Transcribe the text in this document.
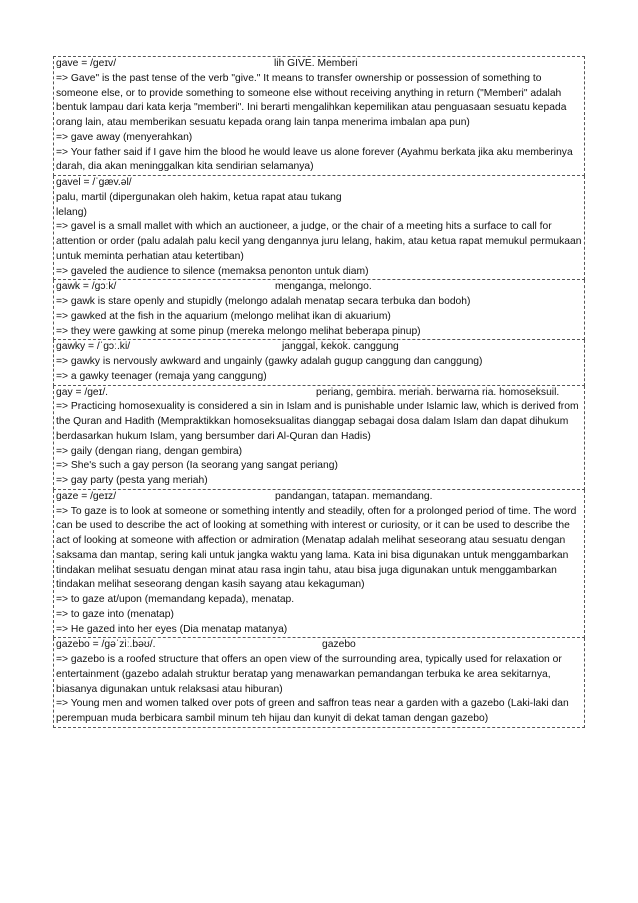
gave = /geɪv/	lih GIVE. Memberi
=> Gave" is the past tense of the verb "give." It means to transfer ownership or possession of something to someone else, or to provide something to someone else without receiving anything in return ("Memberi" adalah bentuk lampau dari kata kerja "memberi". Ini berarti mengalihkan kepemilikan atau penguasaan sesuatu kepada orang lain, atau memberikan sesuatu kepada orang lain tanpa menerima imbalan apa pun)
=> gave away (menyerahkan)
=> Your father said if I gave him the blood he would leave us alone forever (Ayahmu berkata jika aku memberinya darah, dia akan meninggalkan kita sendirian selamanya)
gavel = /ˈɡæv.əl/
palu, martil (dipergunakan oleh hakim, ketua rapat atau tukang lelang)
=> gavel is a small mallet with which an auctioneer, a judge, or the chair of a meeting hits a surface to call for attention or order (palu adalah palu kecil yang dengannya juru lelang, hakim, atau ketua rapat memukul permukaan untuk meminta perhatian atau ketertiban)
=> gaveled the audience to silence (memaksa penonton untuk diam)
gawk = /ɡɔːk/	menganga, melongo.
=> gawk is stare openly and stupidly (melongo adalah menatap secara terbuka dan bodoh)
=> gawked at the fish in the aquarium (melongo melihat ikan di akuarium)
=> they were gawking at some pinup (mereka melongo melihat beberapa pinup)
gawky = /ˈɡɔː.ki/	janggal, kekok. canggung
=> gawky is nervously awkward and ungainly (gawky adalah gugup canggung dan canggung)
=> a gawky teenager (remaja yang canggung)
gay = /ɡeɪ/.	periang, gembira. meriah. berwarna ria. homoseksuil.
=> Practicing homosexuality is considered a sin in Islam and is punishable under Islamic law, which is derived from the Quran and Hadith (Mempraktikkan homoseksualitas dianggap sebagai dosa dalam Islam dan dapat dihukum berdasarkan hukum Islam, yang bersumber dari Al-Quran dan Hadis)
=> gaily (dengan riang, dengan gembira)
=> She's such a gay person (Ia seorang yang sangat periang)
=> gay party (pesta yang meriah)
gaze = /ɡeɪz/	pandangan, tatapan. memandang.
=> To gaze is to look at someone or something intently and steadily, often for a prolonged period of time. The word can be used to describe the act of looking at something with interest or curiosity, or it can be used to describe the act of looking at someone with affection or admiration (Menatap adalah melihat seseorang atau sesuatu dengan saksama dan mantap, sering kali untuk jangka waktu yang lama. Kata ini bisa digunakan untuk menggambarkan tindakan melihat sesuatu dengan minat atau rasa ingin tahu, atau bisa juga digunakan untuk menggambarkan tindakan melihat seseorang dengan kasih sayang atau kekaguman)
=> to gaze at/upon (memandang kepada), menatap.
=> to gaze into (menatap)
=> He gazed into her eyes (Dia menatap matanya)
gazebo = /ɡəˈziː.bəʊ/.	gazebo
=> gazebo is a roofed structure that offers an open view of the surrounding area, typically used for relaxation or entertainment (gazebo adalah struktur beratap yang menawarkan pemandangan terbuka ke area sekitarnya, biasanya digunakan untuk relaksasi atau hiburan)
=> Young men and women talked over pots of green and saffron teas near a garden with a gazebo (Laki-laki dan perempuan muda berbicara sambil minum teh hijau dan kunyit di dekat taman dengan gazebo)
